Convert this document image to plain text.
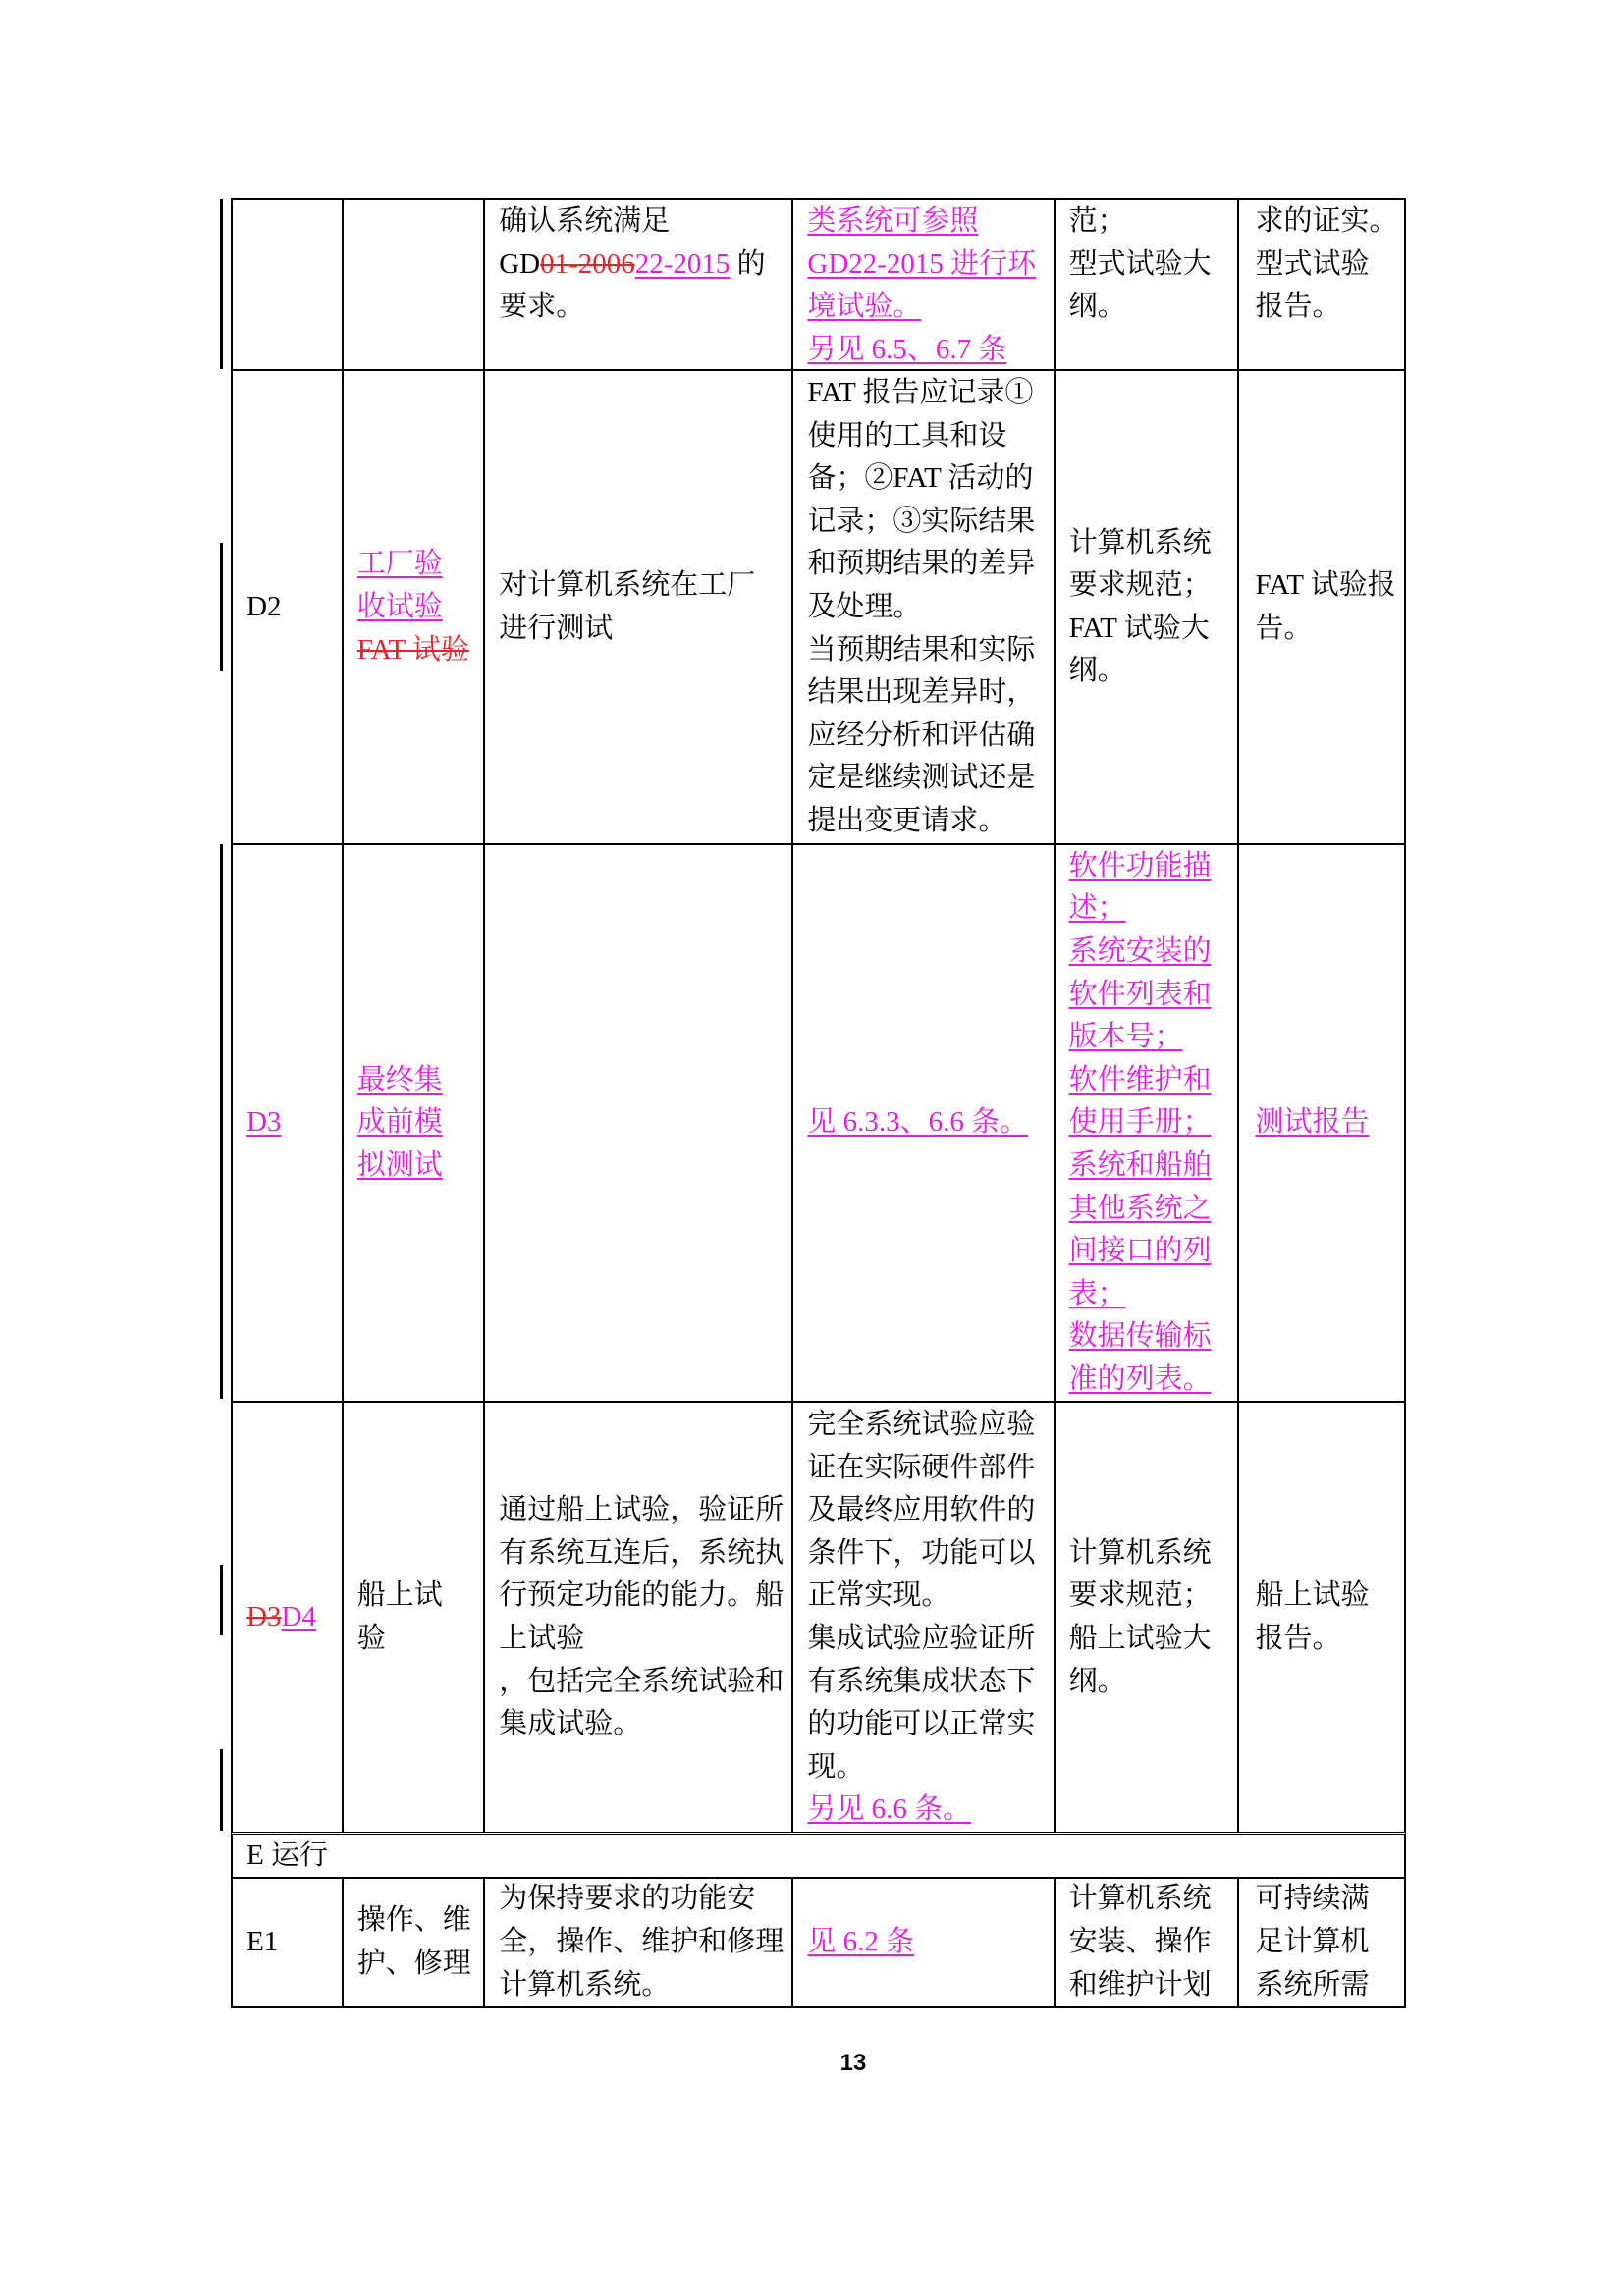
确认系统满足
GD01-200622-2015 的
要求。
类系统可参照
GD22-2015 进行环
境试验。
另见 6.5、6.7 条
范；
型式试验大
纲。
求的证实。
型式试验
报告。
D2
工厂验
收试验
FAT 试验
对计算机系统在工厂
进行测试
FAT 报告应记录①
使用的工具和设
备；②FAT 活动的
记录；③实际结果
和预期结果的差异
及处理。
当预期结果和实际
结果出现差异时，
应经分析和评估确
定是继续测试还是
提出变更请求。
计算机系统
要求规范；
FAT 试验大
纲。
FAT 试验报
告。
D3
最终集
成前模
拟测试
见 6.3.3、6.6 条。
软件功能描
述；
系统安装的
软件列表和
版本号；
软件维护和
使用手册；
系统和船舶
其他系统之
间接口的列
表；
数据传输标
准的列表。
测试报告
D3D4
船上试
验
通过船上试验，验证所
有系统互连后，系统执
行预定功能的能力。船
上试验
，包括完全系统试验和
集成试验。
完全系统试验应验
证在实际硬件部件
及最终应用软件的
条件下，功能可以
正常实现。
集成试验应验证所
有系统集成状态下
的功能可以正常实
现。
另见 6.6 条。
计算机系统
要求规范；
船上试验大
纲。
船上试验
报告。
E 运行
E1
操作、维
护、修理
为保持要求的功能安
全，操作、维护和修理
计算机系统。
见 6.2 条
计算机系统
安装、操作
和维护计划
可持续满
足计算机
系统所需
13
